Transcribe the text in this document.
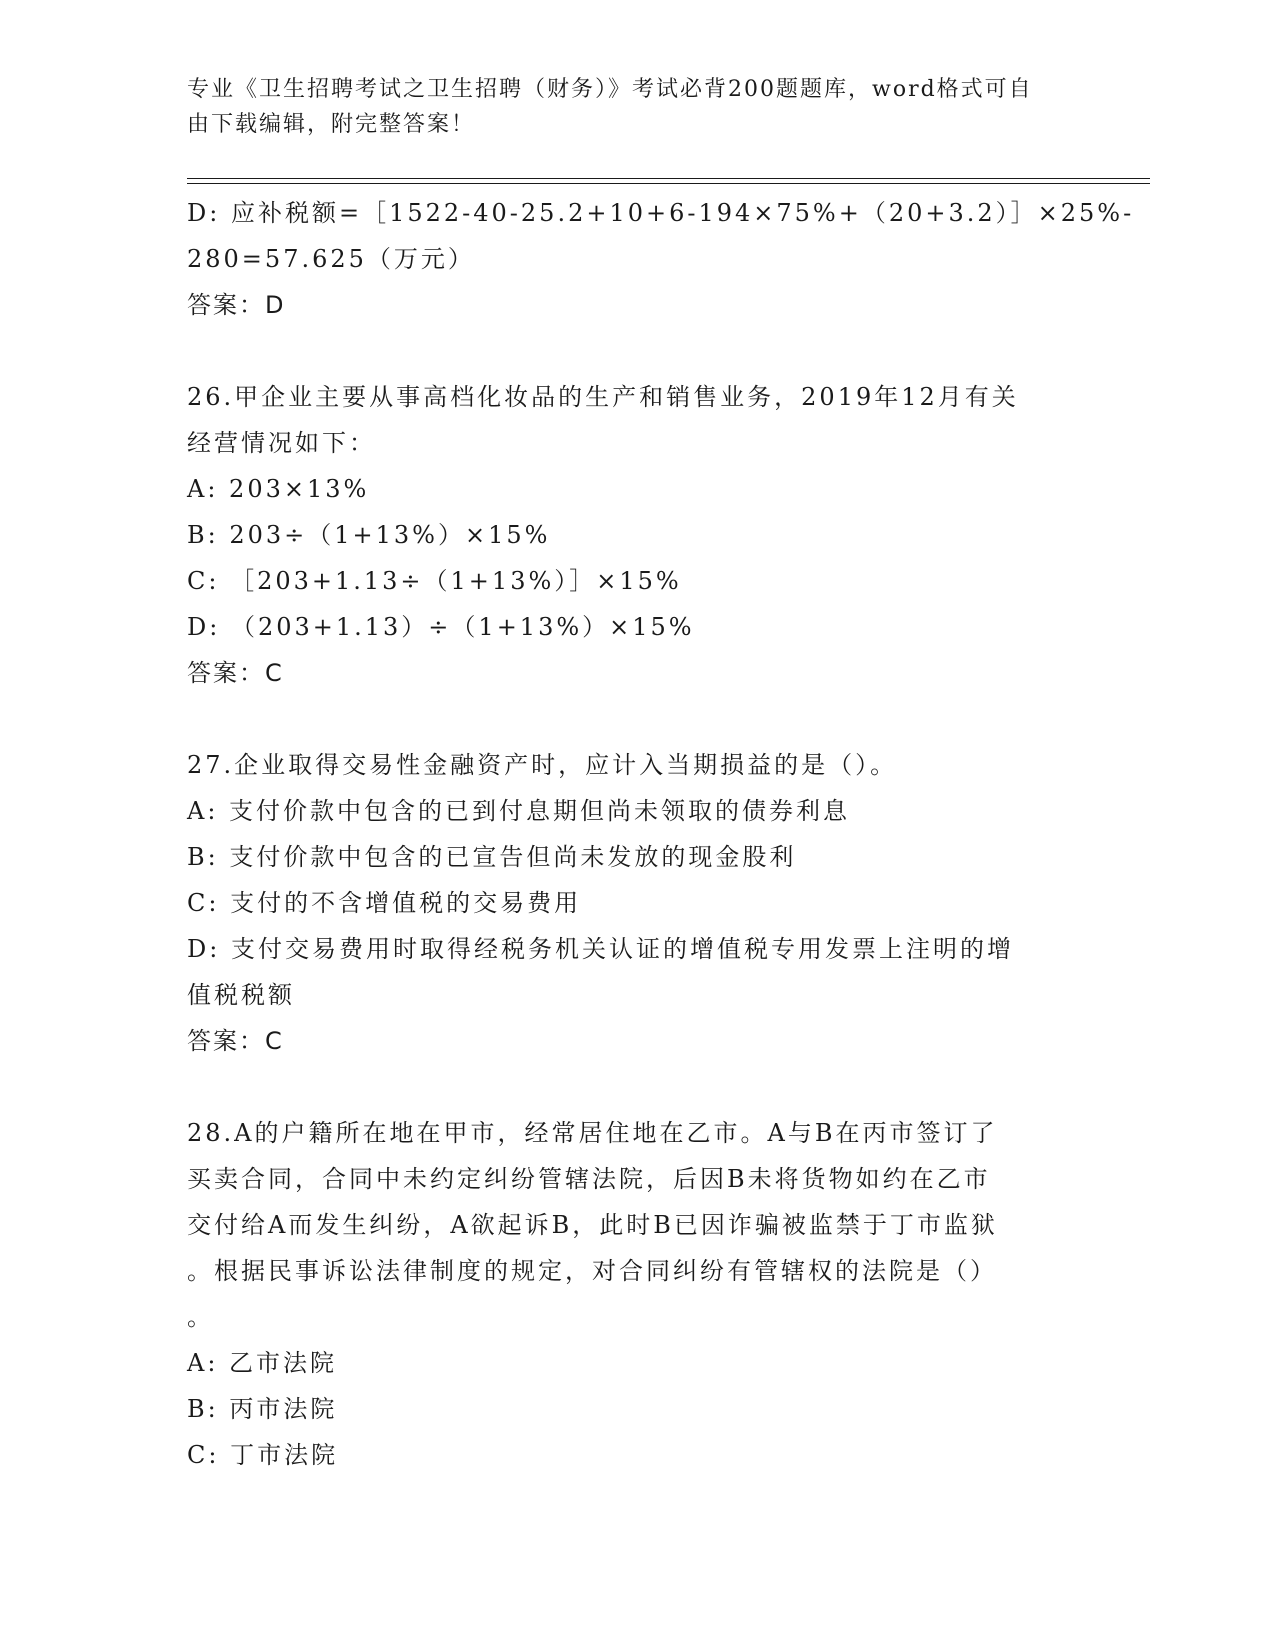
专业《卫生招聘考试之卫生招聘（财务）》考试必背200题题库，word格式可自
由下载编辑，附完整答案！
D: 应补税额=［1522-40-25.2+10+6-194×75%+（20+3.2）］×25%-
280=57.625（万元）
答案：D
26.甲企业主要从事高档化妆品的生产和销售业务，2019年12月有关
经营情况如下：
A: 203×13%
B: 203÷（1+13%）×15%
C: ［203+1.13÷（1+13%）］×15%
D: （203+1.13）÷（1+13%）×15%
答案：C
27.企业取得交易性金融资产时，应计入当期损益的是（）。
A: 支付价款中包含的已到付息期但尚未领取的债券利息
B: 支付价款中包含的已宣告但尚未发放的现金股利
C: 支付的不含增值税的交易费用
D: 支付交易费用时取得经税务机关认证的增值税专用发票上注明的增
值税税额
答案：C
28.A的户籍所在地在甲市，经常居住地在乙市。A与B在丙市签订了
买卖合同，合同中未约定纠纷管辖法院，后因B未将货物如约在乙市
交付给A而发生纠纷，A欲起诉B，此时B已因诈骗被监禁于丁市监狱
。根据民事诉讼法律制度的规定，对合同纠纷有管辖权的法院是（）
。
A: 乙市法院
B: 丙市法院
C: 丁市法院
